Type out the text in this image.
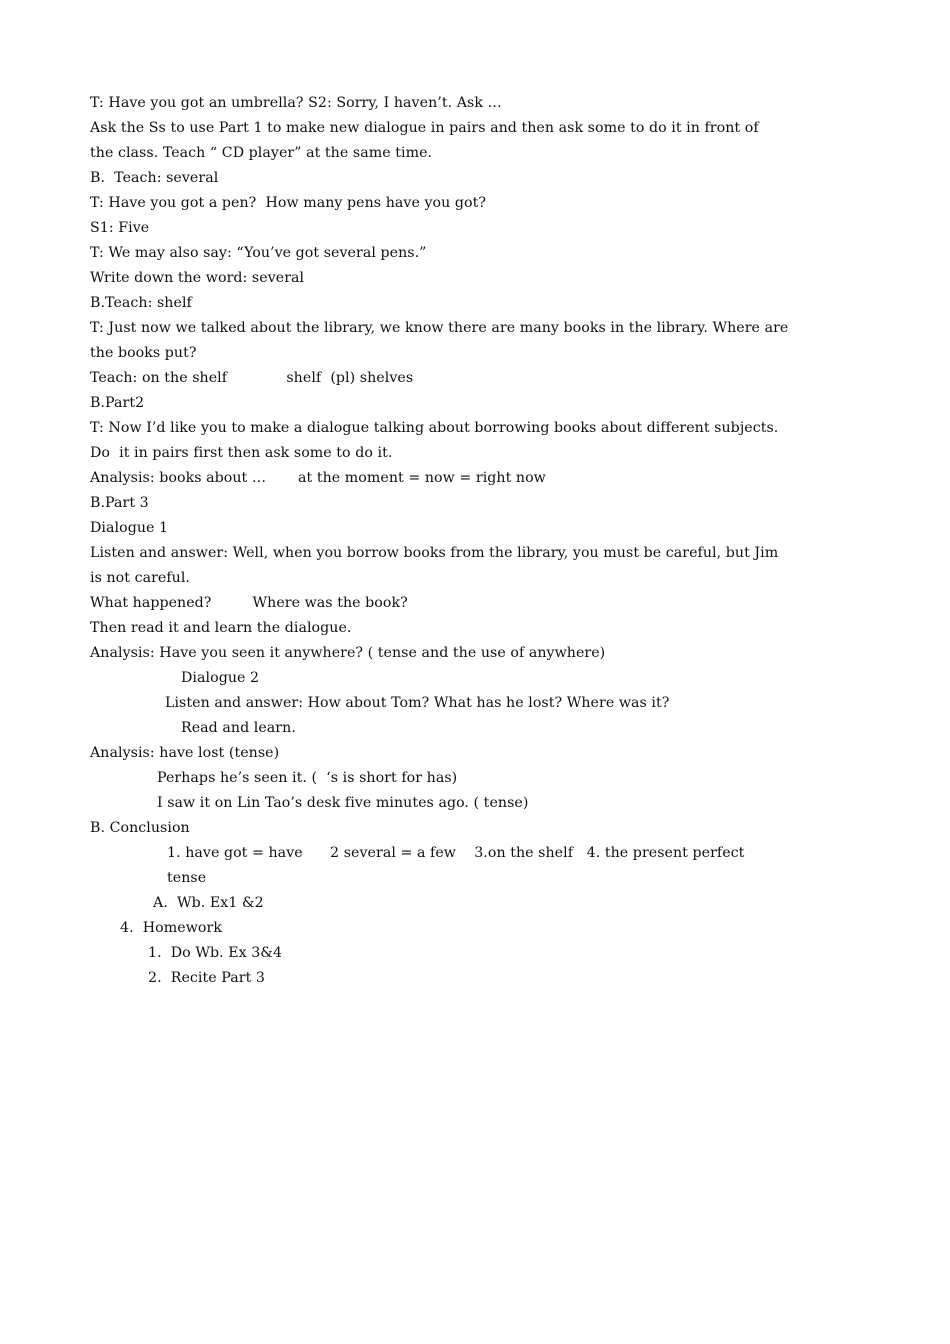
T: Have you got an umbrella? S2: Sorry, I haven’t. Ask …
Ask the Ss to use Part 1 to make new dialogue in pairs and then ask some to do it in front of
the class. Teach “ CD player” at the same time.
B.  Teach: several
T: Have you got a pen?  How many pens have you got?
S1: Five
T: We may also say: “You’ve got several pens.”
Write down the word: several
B.Teach: shelf
T: Just now we talked about the library, we know there are many books in the library. Where are
the books put?
Teach: on the shelf             shelf  (pl) shelves
B.Part2
T: Now I’d like you to make a dialogue talking about borrowing books about different subjects.
Do  it in pairs first then ask some to do it.
Analysis: books about …       at the moment = now = right now
B.Part 3
Dialogue 1
Listen and answer: Well, when you borrow books from the library, you must be careful, but Jim
is not careful.
What happened?         Where was the book?
Then read it and learn the dialogue.
Analysis: Have you seen it anywhere? ( tense and the use of anywhere)
Dialogue 2
Listen and answer: How about Tom? What has he lost? Where was it?
Read and learn.
Analysis: have lost (tense)
Perhaps he’s seen it. (  ‘s is short for has)
I saw it on Lin Tao’s desk five minutes ago. ( tense)
B. Conclusion
1. have got = have      2 several = a few    3.on the shelf   4. the present perfect
tense
A.  Wb. Ex1 &2
4.  Homework
1.  Do Wb. Ex 3&4
2.  Recite Part 3
